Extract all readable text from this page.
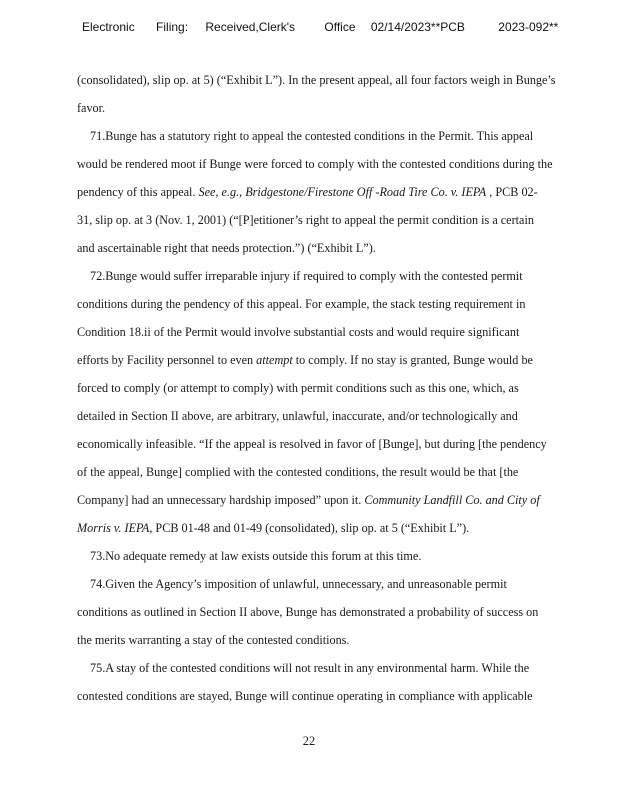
Electronic Filing: Received,Clerk's Office 02/14/2023**PCB	2023-092**
(consolidated), slip op. at 5) (“Exhibit L”). In the present appeal, all four factors weigh in Bunge’s
favor.
71.Bunge has a statutory right to appeal the contested conditions in the Permit. This appeal
would be rendered moot if Bunge were forced to comply with the contested conditions during the
pendency of this appeal. See, e.g., Bridgestone/Firestone Off -Road Tire Co. v. IEPA , PCB 02-
31, slip op. at 3 (Nov. 1, 2001) (“[P]etitioner’s right to appeal the permit condition is a certain
and ascertainable right that needs protection.”) (“Exhibit L”).
72.Bunge would suffer irreparable injury if required to comply with the contested permit
conditions during the pendency of this appeal. For example, the stack testing requirement in
Condition 18.ii of the Permit would involve substantial costs and would require significant
efforts by Facility personnel to even attempt to comply. If no stay is granted, Bunge would be
forced to comply (or attempt to comply) with permit conditions such as this one, which, as
detailed in Section II above, are arbitrary, unlawful, inaccurate, and/or technologically and
economically infeasible. “If the appeal is resolved in favor of [Bunge], but during [the pendency
of the appeal, Bunge] complied with the contested conditions, the result would be that [the
Company] had an unnecessary hardship imposed” upon it. Community Landfill Co. and City of
Morris v. IEPA, PCB 01-48 and 01-49 (consolidated), slip op. at 5 (“Exhibit L”).
73.No adequate remedy at law exists outside this forum at this time.
74.Given the Agency’s imposition of unlawful, unnecessary, and unreasonable permit
conditions as outlined in Section II above, Bunge has demonstrated a probability of success on
the merits warranting a stay of the contested conditions.
75.A stay of the contested conditions will not result in any environmental harm. While the
contested conditions are stayed, Bunge will continue operating in compliance with applicable
22
